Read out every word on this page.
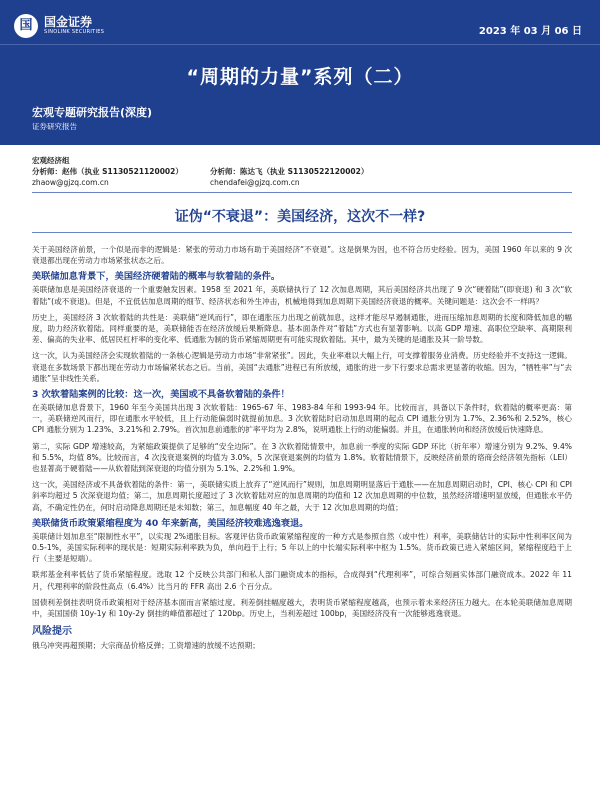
国 国金证券
SINOLINK SECURITIES	2023 年 03 月 06 日
“周期的力量”系列（二）
宏观专题研究报告(深度)
证券研究报告
宏观经济组
分析师：赵伟（执业 S1130521120002）
zhaow@gjzq.com.cn
分析师：陈达飞（执业 S1130522120002）
chendafei@gjzq.com.cn
证伪“不衰退”：美国经济，这次不一样?

关于美国经济前景，一个似是而非的逻辑是：紧张的劳动力市场有助于美国经济“不衰退”。这是倒果为因，也不符合历史经验。因为，美国 1960 年以来的 9 次衰退都出现在劳动力市场紧张状态之后。

美联储加息背景下，美国经济硬着陆的概率与软着陆的条件。

美联储加息是美国经济衰退的一个重要触发因素。1958 至 2021 年，美联储执行了 12 次加息周期，其后美国经济共出现了 9 次“硬着陆”(即衰退) 和 3 次“软着陆”(或不衰退)。但是，不宜低估加息周期的细节、经济状态和外生冲击，机械地得到加息周期下美国经济衰退的概率。关键问题是：这次会不一样吗？

历史上，美国经济 3 次软着陆的共性是：美联储“逆风而行”，即在通胀压力出现之前就加息，这样才能尽早遏制通胀，进而压缩加息周期的长度和降低加息的幅度，助力经济软着陆。同样重要的是，美联储能否在经济放缓后果断降息。基本面条件对“着陆”方式也有显著影响。以高 GDP 增速、高职位空缺率、高期限利差、偏高的失业率、低居民杠杆率的变化率、低通胀为制的货币紧缩周期更有可能实现软着陆。其中，最为关键的是通胀及其一阶导数。

这一次，认为美国经济会实现软着陆的一条核心逻辑是劳动力市场“非常紧张”。因此，失业率难以大幅上行，可支撑着服务业消费。历史经验并不支持这一逻辑。衰退在多数场景下都出现在劳动力市场偏紧状态之后。当前，美国“去通胀”进程已有所放缓，通胀的进一步下行要求总需求更显著的收缩。因为，“牺牲率”与“去通胀”呈非线性关系。

3 次软着陆案例的比较：这一次，美国或不具备软着陆的条件！

在美联储加息背景下，1960 年至今美国共出现 3 次软着陆：1965-67 年、1983-84 年和 1993-94 年。比较而言，具备以下条件时，软着陆的概率更高：第一，美联储逆风而行，即在通胀水平较低，且上行动能偏弱时就提前加息。3 次软着陆时启动加息周期的起点 CPI 通胀分别为 1.7%、2.36%和 2.52%，核心 CPI 通胀分别为 1.23%、3.21%和 2.79%。首次加息前通胀的扩率平均为 2.8%，说明通胀上行的动能偏弱。并且，在通胀转向和经济放缓后快速降息。

第二，实际 GDP 增速较高，为紧缩政策提供了足够的“安全边际”。在 3 次软着陆情景中，加息前一季度的实际 GDP 环比（折年率）增速分别为 9.2%、9.4%和 5.5%，均值 8%。比较而言，4 次浅衰退案例的均值为 3.0%，5 次深衰退案例的均值为 1.8%。软着陆情景下，反映经济前景的谘商会经济领先指标（LEI）也显著高于硬着陆——从软着陆到深衰退的均值分别为 5.1%、2.2%和 1.9%。

这一次，美国经济或不具备软着陆的条件：第一，美联储实质上放弃了“逆风而行”规则，加息周期明显落后于通胀——在加息周期启动时，CPI、核心 CPI 和 CPI 斜率均超过 5 次深衰退均值；第二，加息周期长度超过了 3 次软着陆对应的加息周期的均值和 12 次加息周期的中位数，虽然经济增速明显放缓，但通胀水平仍高，不确定性仍在，何时启动降息周期还是未知数；第三，加息幅度 40 年之最，大于 12 次加息周期的均值；

美联储货币政策紧缩程度为 40 年来新高，美国经济较难逃逸衰退。

美联储计划加息至“限制性水平”，以实现 2%通胀目标。客观评估货币政策紧缩程度的一种方式是参照自然（或中性）利率，美联储估计的实际中性利率区间为 0.5-1%，美国实际利率的现状是：短期实际利率跌为负，单向趋于上行；5 年以上的中长端实际利率中枢为 1.5%。货币政策已进入紧缩区间，紧缩程度趋于上行（主要是短端）。

联邦基金利率低估了货币紧缩程度。选取 12 个反映公共部门和私人部门融资成本的指标，合成得到“代理利率”，可综合刻画实体部门融资成本。2022 年 11 月，代理利率的阶段性高点（6.4%）比当月的 FFR 高出 2.6 个百分点。

国债利差倒挂表明货币政策相对于经济基本面而言紧缩过度。利差倒挂幅度越大，表明货币紧缩程度越高，也预示着未来经济压力越大。在本轮美联储加息周期中，美国国债 10y-1y 和 10y-2y 倒挂的峰值都超过了 120bp。历史上，当利差超过 100bp，美国经济没有一次能够逃逸衰退。

风险提示

俄乌冲突再超预期；大宗商品价格反弹；工资增速的放缓不达预期；
